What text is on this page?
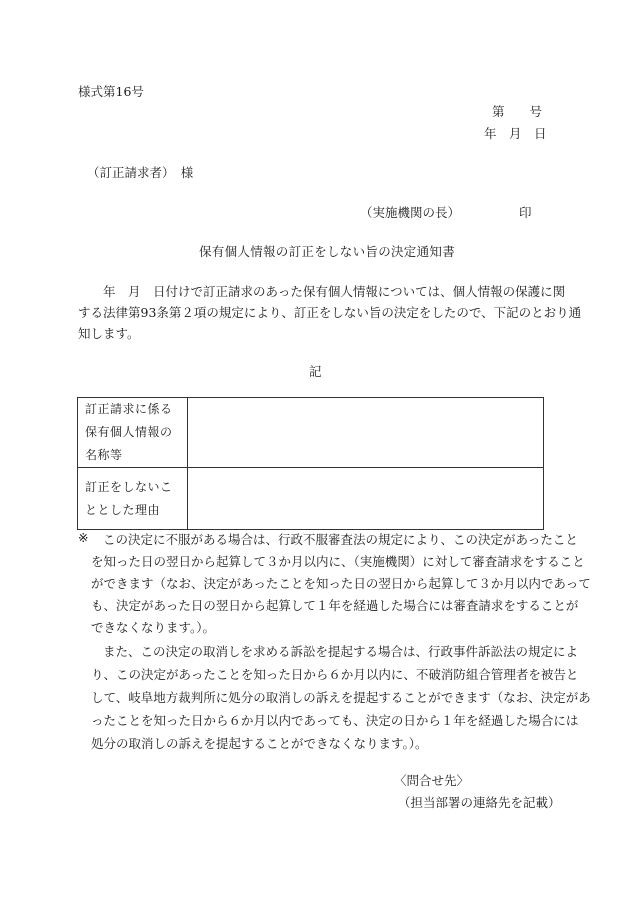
様式第16号
第　　号
年　月　日
（訂正請求者）　様
（実施機関の長）	印
保有個人情報の訂正をしない旨の決定通知書
　　年　月　日付けで訂正請求のあった保有個人情報については、個人情報の保護に関
する法律第93条第２項の規定により、訂正をしない旨の決定をしたので、下記のとおり通
知します。
記
訂正請求に係る
保有個人情報の
名称等	

訂正をしないこ
ととした理由	

※ この決定に不服がある場合は、行政不服審査法の規定により、この決定があったこと
を知った日の翌日から起算して３か月以内に、（実施機関）に対して審査請求をすること
ができます（なお、決定があったことを知った日の翌日から起算して３か月以内であって
も、決定があった日の翌日から起算して１年を経過した場合には審査請求をすることが
できなくなります。）。
また、この決定の取消しを求める訴訟を提起する場合は、行政事件訴訟法の規定によ
り、この決定があったことを知った日から６か月以内に、不破消防組合管理者を被告と
して、岐阜地方裁判所に処分の取消しの訴えを提起することができます（なお、決定があ
ったことを知った日から６か月以内であっても、決定の日から１年を経過した場合には
処分の取消しの訴えを提起することができなくなります。）。
〈問合せ先〉
（担当部署の連絡先を記載）
